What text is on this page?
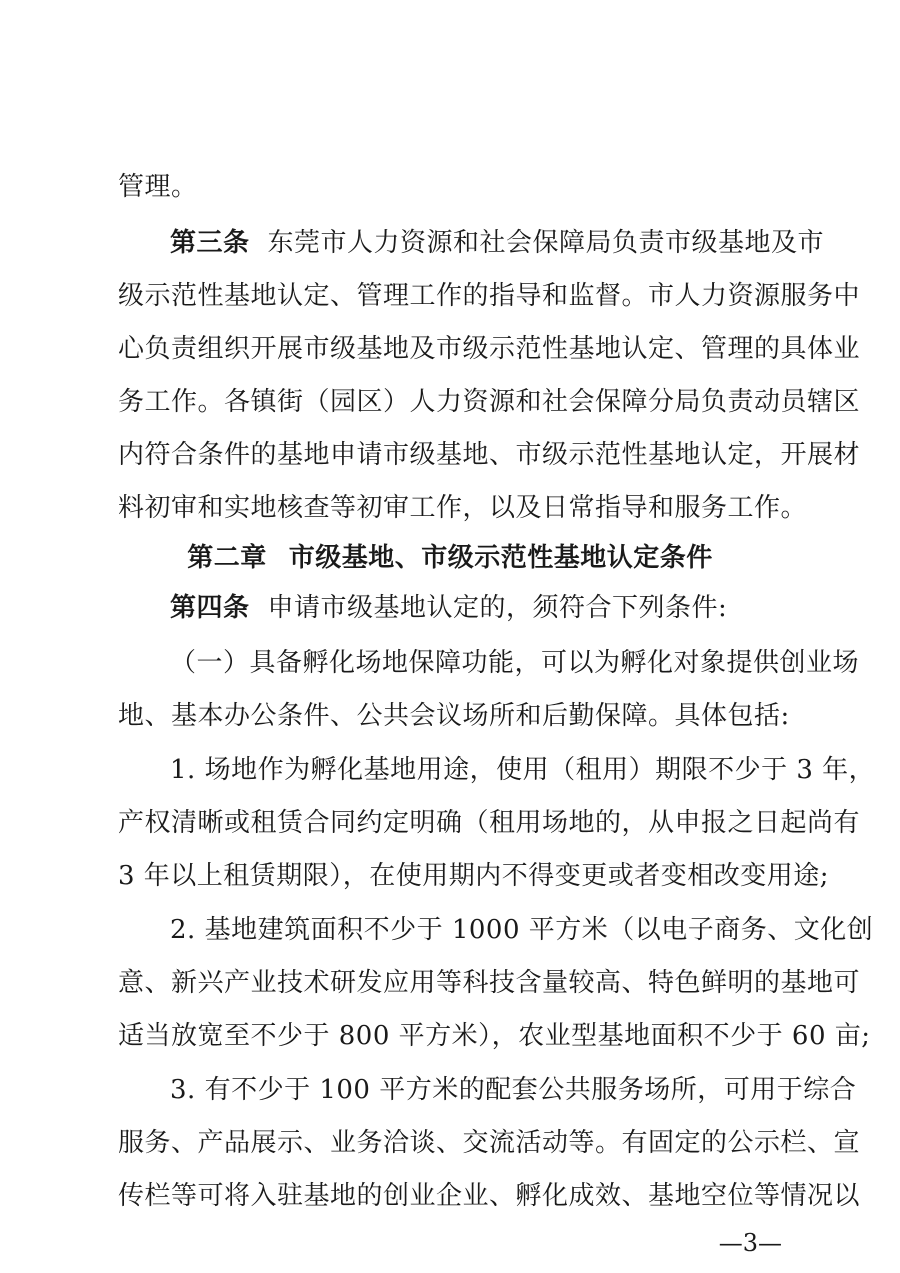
管理。
第三条 东莞市人力资源和社会保障局负责市级基地及市
级示范性基地认定、管理工作的指导和监督。市人力资源服务中
心负责组织开展市级基地及市级示范性基地认定、管理的具体业
务工作。各镇街（园区）人力资源和社会保障分局负责动员辖区
内符合条件的基地申请市级基地、市级示范性基地认定，开展材
料初审和实地核查等初审工作，以及日常指导和服务工作。
第二章 市级基地、市级示范性基地认定条件
第四条 申请市级基地认定的，须符合下列条件:
（一）具备孵化场地保障功能，可以为孵化对象提供创业场
地、基本办公条件、公共会议场所和后勤保障。具体包括:
1. 场地作为孵化基地用途，使用（租用）期限不少于 3 年，
产权清晰或租赁合同约定明确（租用场地的，从申报之日起尚有
3 年以上租赁期限），在使用期内不得变更或者变相改变用途;
2. 基地建筑面积不少于 1000 平方米（以电子商务、文化创
意、新兴产业技术研发应用等科技含量较高、特色鲜明的基地可
适当放宽至不少于 800 平方米），农业型基地面积不少于 60 亩;
3. 有不少于 100 平方米的配套公共服务场所，可用于综合
服务、产品展示、业务洽谈、交流活动等。有固定的公示栏、宣
传栏等可将入驻基地的创业企业、孵化成效、基地空位等情况以
—3—
